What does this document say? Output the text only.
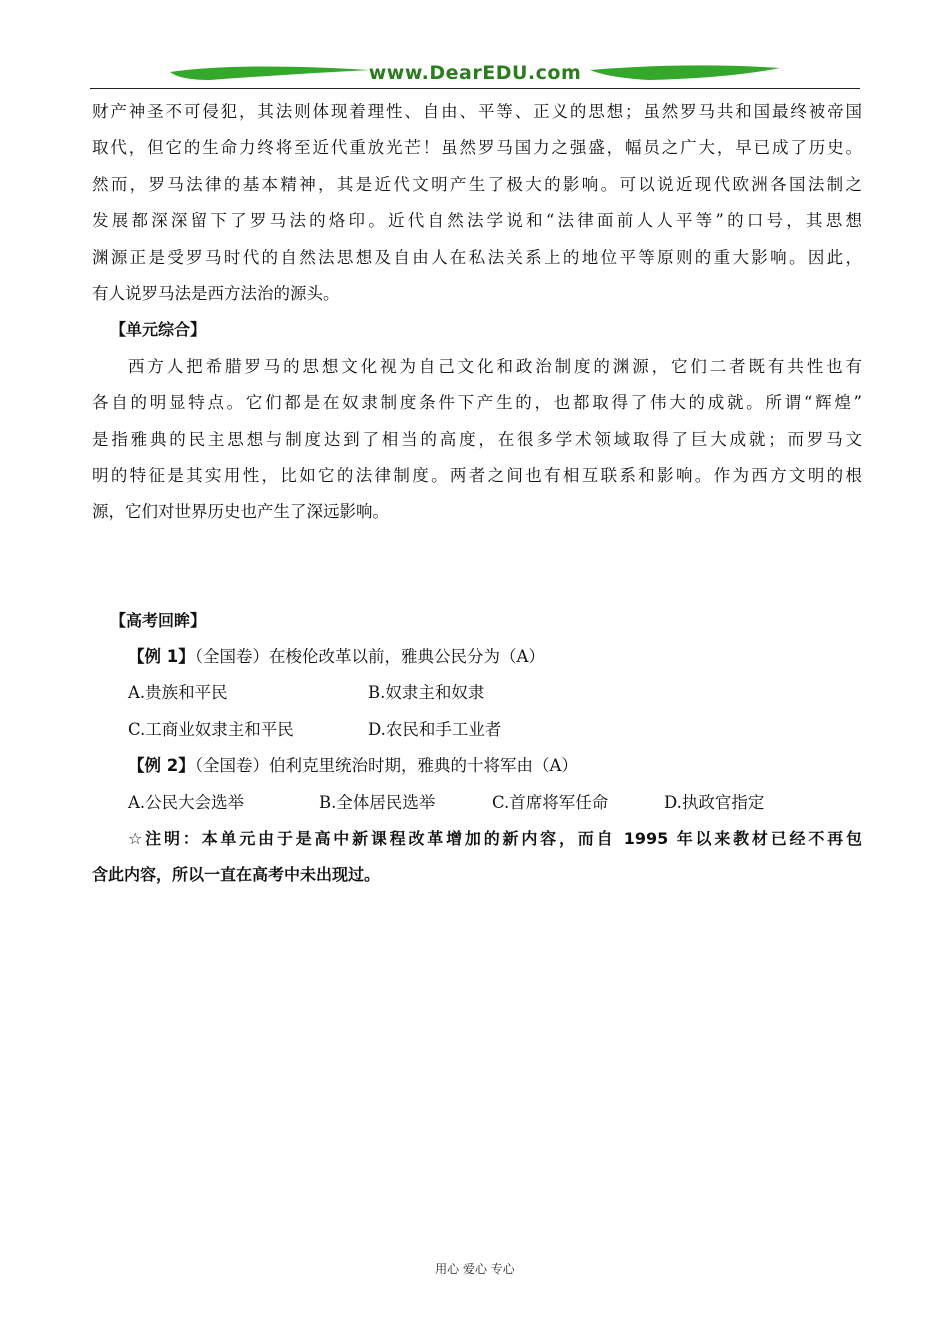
www.DearEDU.com
财产神圣不可侵犯，其法则体现着理性、自由、平等、正义的思想；虽然罗马共和国最终被帝国
取代，但它的生命力终将至近代重放光芒！虽然罗马国力之强盛，幅员之广大，早已成了历史。
然而，罗马法律的基本精神，其是近代文明产生了极大的影响。可以说近现代欧洲各国法制之
发展都深深留下了罗马法的烙印。近代自然法学说和“法律面前人人平等”的口号，其思想
渊源正是受罗马时代的自然法思想及自由人在私法关系上的地位平等原则的重大影响。因此，
有人说罗马法是西方法治的源头。
【单元综合】
西方人把希腊罗马的思想文化视为自己文化和政治制度的渊源，它们二者既有共性也有
各自的明显特点。它们都是在奴隶制度条件下产生的，也都取得了伟大的成就。所谓“辉煌”
是指雅典的民主思想与制度达到了相当的高度，在很多学术领域取得了巨大成就；而罗马文
明的特征是其实用性，比如它的法律制度。两者之间也有相互联系和影响。作为西方文明的根
源，它们对世界历史也产生了深远影响。
【高考回眸】
【例 1】（全国卷）在梭伦改革以前，雅典公民分为（A）
A.贵族和平民	B.奴隶主和奴隶
C.工商业奴隶主和平民	D.农民和手工业者
【例 2】（全国卷）伯利克里统治时期，雅典的十将军由（A）
A.公民大会选举	B.全体居民选举	C.首席将军任命	D.执政官指定
☆注明：本单元由于是高中新课程改革增加的新内容，而自 1995 年以来教材已经不再包
含此内容，所以一直在高考中未出现过。
用心 爱心 专心
